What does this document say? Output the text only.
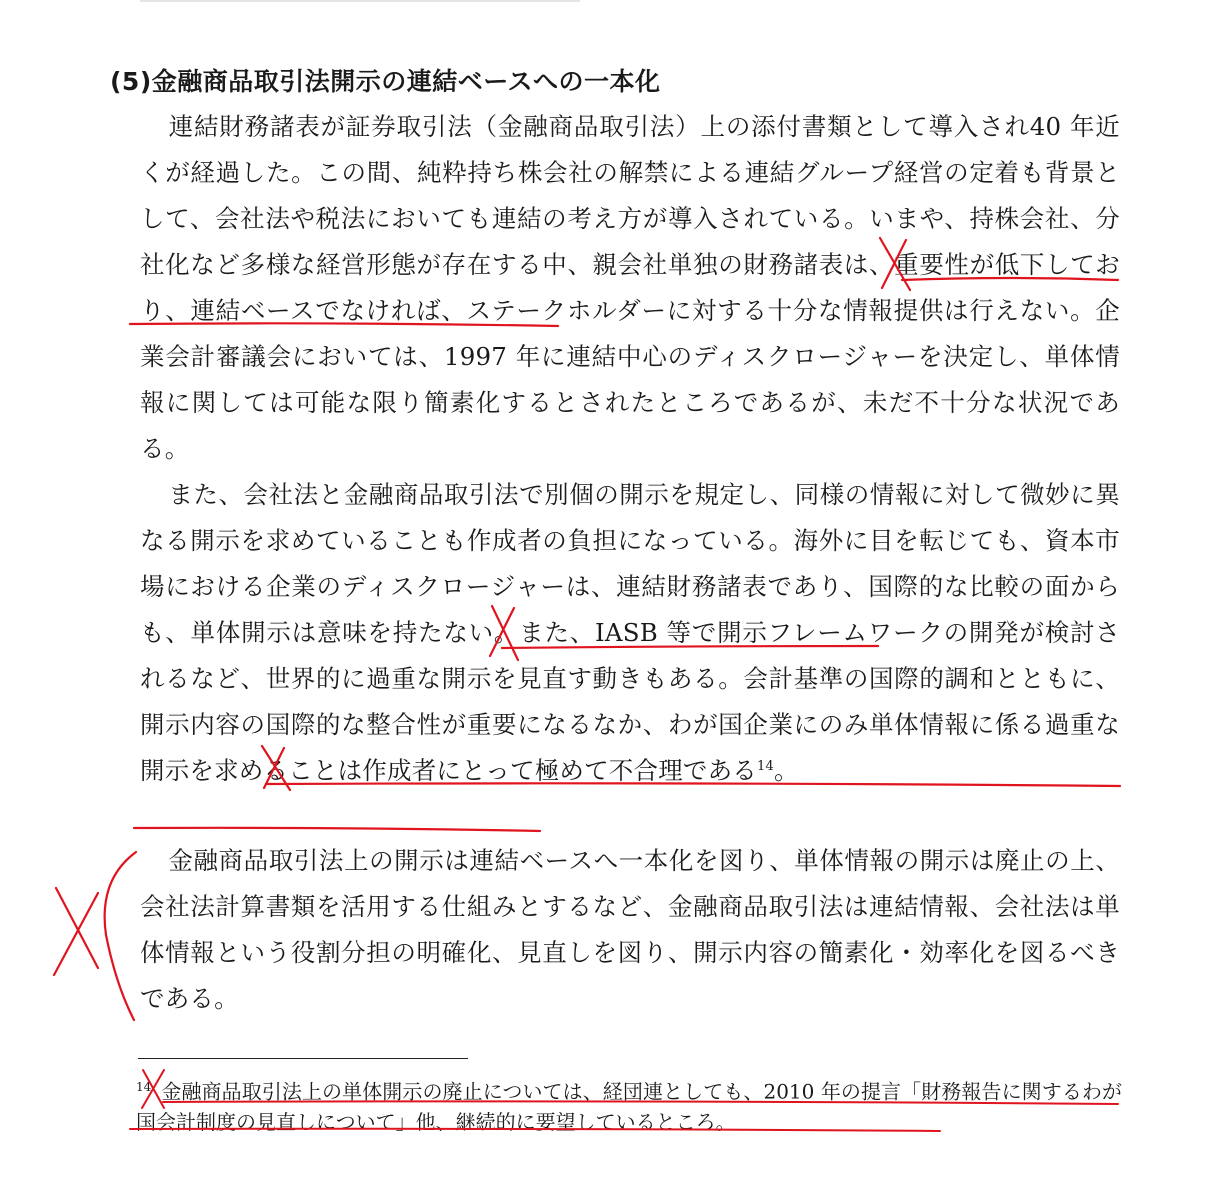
(5)金融商品取引法開示の連結ベースへの一本化
連結財務諸表が証券取引法（金融商品取引法）上の添付書類として導入され40 年近くが経過した。この間、純粋持ち株会社の解禁による連結グループ経営の定着も背景として、会社法や税法においても連結の考え方が導入されている。いまや、持株会社、分社化など多様な経営形態が存在する中、親会社単独の財務諸表は、重要性が低下しており、連結ベースでなければ、ステークホルダーに対する十分な情報提供は行えない。企業会計審議会においては、1997 年に連結中心のディスクロージャーを決定し、単体情報に関しては可能な限り簡素化するとされたところであるが、未だ不十分な状況である。
また、会社法と金融商品取引法で別個の開示を規定し、同様の情報に対して微妙に異なる開示を求めていることも作成者の負担になっている。海外に目を転じても、資本市場における企業のディスクロージャーは、連結財務諸表であり、国際的な比較の面からも、単体開示は意味を持たない。また、IASB 等で開示フレームワークの開発が検討されるなど、世界的に過重な開示を見直す動きもある。会計基準の国際的調和とともに、開示内容の国際的な整合性が重要になるなか、わが国企業にのみ単体情報に係る過重な開示を求めることは作成者にとって極めて不合理である$^{14}$。
金融商品取引法上の開示は連結ベースへ一本化を図り、単体情報の開示は廃止の上、会社法計算書類を活用する仕組みとするなど、金融商品取引法は連結情報、会社法は単体情報という役割分担の明確化、見直しを図り、開示内容の簡素化・効率化を図るべきである。
$^{14}$ 金融商品取引法上の単体開示の廃止については、経団連としても、2010 年の提言「財務報告に関するわが国会計制度の見直しについて」他、継続的に要望しているところ。
